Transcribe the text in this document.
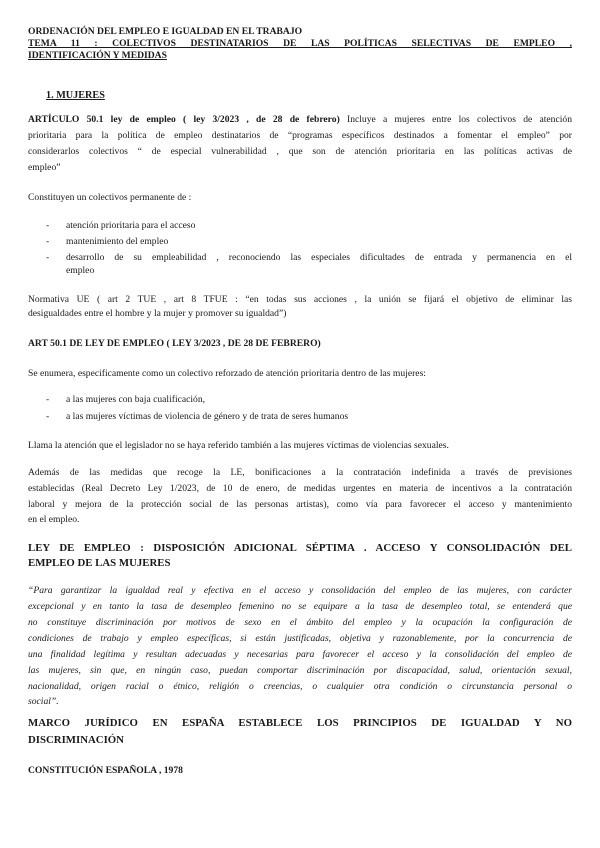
ORDENACIÓN DEL EMPLEO E IGUALDAD EN EL TRABAJO

TEMA 11 : COLECTIVOS DESTINATARIOS DE LAS POLÍTICAS SELECTIVAS DE EMPLEO ,

IDENTIFICACIÓN Y MEDIDAS

1. MUJERES

ARTÍCULO 50.1 ley de empleo ( ley 3/2023 , de 28 de febrero) Incluye a mujeres entre los colectivos de atención

prioritaria para la política de empleo destinatarios de “programas específicos destinados a fomentar el empleo” por

considerarlos colectivos “ de especial vulnerabilidad , que son de atención prioritaria en las políticas activas de

empleo”

Constituyen un colectivos permanente de :

- atención prioritaria para el acceso
- mantenimiento del empleo
- desarrollo de su empleabilidad , reconociendo las especiales dificultades de entrada y permanencia en el
empleo

Normativa UE ( art 2 TUE , art 8 TFUE : “en todas sus acciones , la unión se fijará el objetivo de eliminar las

desigualdades entre el hombre y la mujer y promover su igualdad”)

ART 50.1 DE LEY DE EMPLEO ( LEY 3/2023 , DE 28 DE FEBRERO)

Se enumera, especificamente como un colectivo reforzado de atención prioritaria dentro de las mujeres:

- a las mujeres con baja cualificación,
- a las mujeres víctimas de violencia de género y de trata de seres humanos

Llama la atención que el legislador no se haya referido también a las mujeres víctimas de violencias sexuales.

Además de las medidas que recoge la LE, bonificaciones a la contratación indefinida a través de previsiones

establecidas (Real Decreto Ley 1/2023, de 10 de enero, de medidas urgentes en materia de incentivos a la contratación

laboral y mejora de la protección social de las personas artistas), como vía para favorecer el acceso y mantenimiento

en el empleo.

LEY DE EMPLEO : DISPOSICIÓN ADICIONAL SÉPTIMA . ACCESO Y CONSOLIDACIÓN DEL

EMPLEO DE LAS MUJERES

“Para garantizar la igualdad real y efectiva en el acceso y consolidación del empleo de las mujeres, con carácter

excepcional y en tanto la tasa de desempleo femenino no se equipare a la tasa de desempleo total, se entenderá que

no constituye discriminación por motivos de sexo en el ámbito del empleo y la ocupación la configuración de

condiciones de trabajo y empleo específicas, si están justificadas, objetiva y razonablemente, por la concurrencia de

una finalidad legítima y resultan adecuadas y necesarias para favorecer el acceso y la consolidación del empleo de

las mujeres, sin que, en ningún caso, puedan comportar discriminación por discapacidad, salud, orientación sexual,

nacionalidad, origen racial o étnico, religión o creencias, o cualquier otra condición o circunstancia personal o

social”.

MARCO JURÍDICO EN ESPAÑA ESTABLECE LOS PRINCIPIOS DE IGUALDAD Y NO

DISCRIMINACIÓN

CONSTITUCIÓN ESPAÑOLA , 1978
